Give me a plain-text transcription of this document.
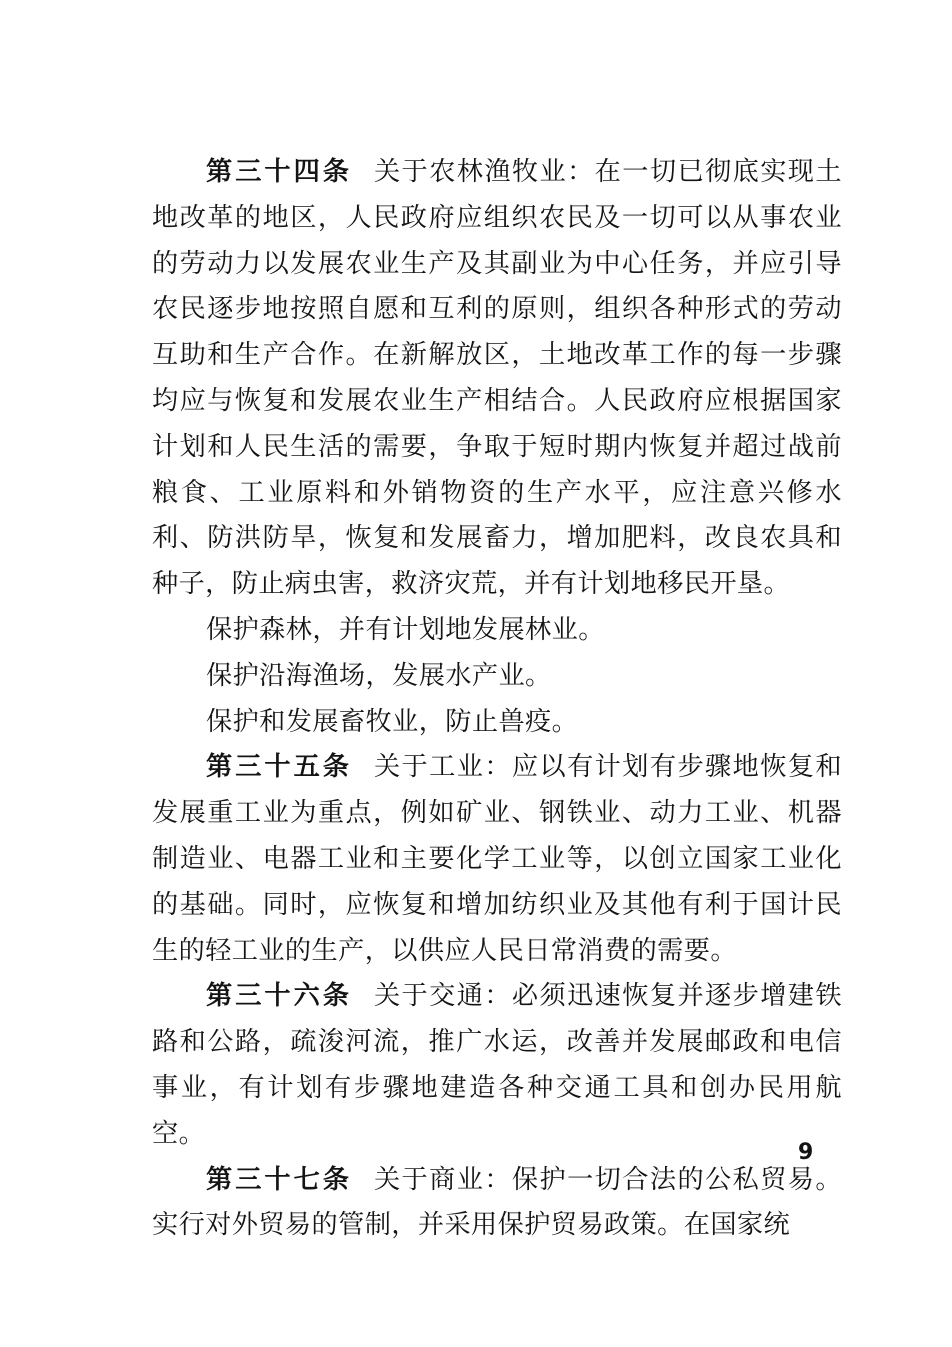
第三十四条 关于农林渔牧业：在一切已彻底实现土地改革的地区，人民政府应组织农民及一切可以从事农业的劳动力以发展农业生产及其副业为中心任务，并应引导农民逐步地按照自愿和互利的原则，组织各种形式的劳动互助和生产合作。在新解放区，土地改革工作的每一步骤均应与恢复和发展农业生产相结合。人民政府应根据国家计划和人民生活的需要，争取于短时期内恢复并超过战前粮食、工业原料和外销物资的生产水平，应注意兴修水利、防洪防旱，恢复和发展畜力，增加肥料，改良农具和种子，防止病虫害，救济灾荒，并有计划地移民开垦。

保护森林，并有计划地发展林业。

保护沿海渔场，发展水产业。

保护和发展畜牧业，防止兽疫。

第三十五条 关于工业：应以有计划有步骤地恢复和发展重工业为重点，例如矿业、钢铁业、动力工业、机器制造业、电器工业和主要化学工业等，以创立国家工业化的基础。同时，应恢复和增加纺织业及其他有利于国计民生的轻工业的生产，以供应人民日常消费的需要。

第三十六条 关于交通：必须迅速恢复并逐步增建铁路和公路，疏浚河流，推广水运，改善并发展邮政和电信事业，有计划有步骤地建造各种交通工具和创办民用航空。

第三十七条 关于商业：保护一切合法的公私贸易。实行对外贸易的管制，并采用保护贸易政策。在国家统

9
